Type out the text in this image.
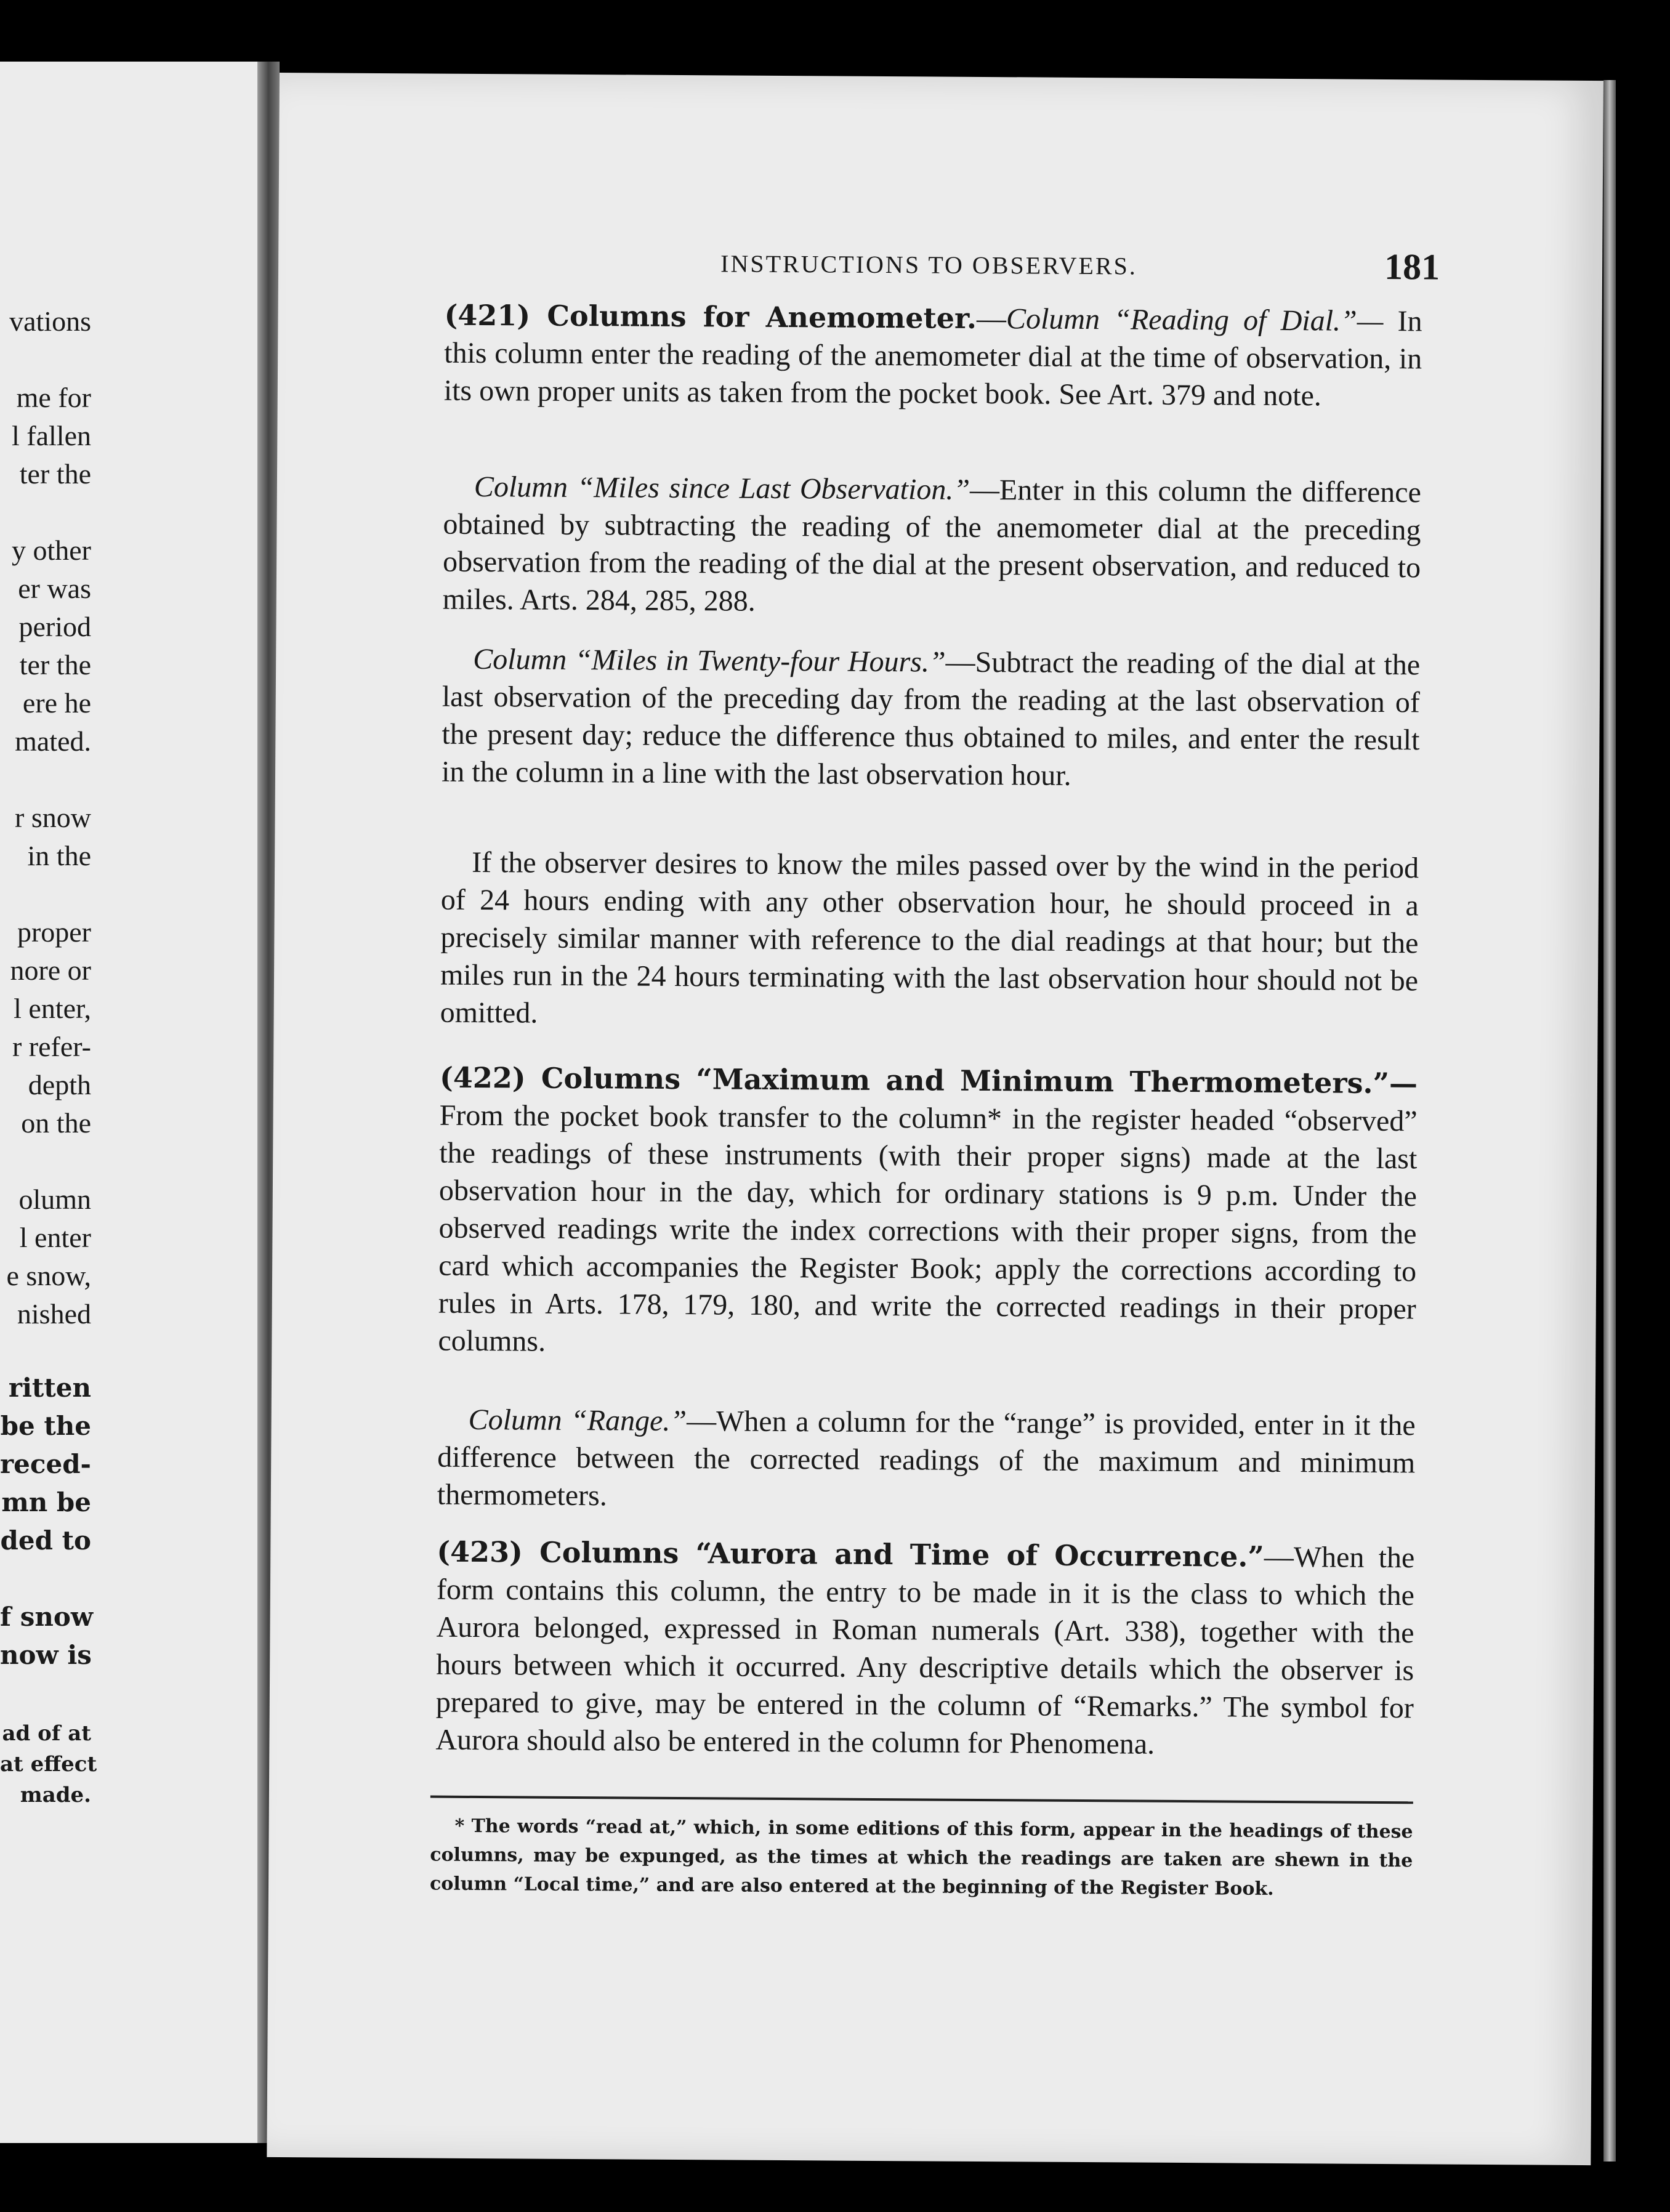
vations
me for
l fallen
ter the
y other
er was
period
ter the
ere he
mated.
r snow
in the
proper
nore or
l enter,
r refer-
depth
on the
olumn
l enter
e snow,
nished
ritten
be the
reced-
mn be
ded to
f snow
now is
ad of at
at effect
made.
INSTRUCTIONS TO OBSERVERS.	181
(421) Columns for Anemometer.—Column “Reading of Dial.”— In this column enter the reading of the anemometer dial at the time of observation, in its own proper units as taken from the pocket book. See Art. 379 and note.
Column “Miles since Last Observation.”—Enter in this column the difference obtained by subtracting the reading of the anemometer dial at the preceding observation from the reading of the dial at the present observation, and reduced to miles. Arts. 284, 285, 288.
Column “Miles in Twenty-four Hours.”—Subtract the reading of the dial at the last observation of the preceding day from the reading at the last observation of the present day; reduce the difference thus obtained to miles, and enter the result in the column in a line with the last observation hour.
If the observer desires to know the miles passed over by the wind in the period of 24 hours ending with any other observation hour, he should proceed in a precisely similar manner with reference to the dial readings at that hour; but the miles run in the 24 hours terminating with the last observation hour should not be omitted.
(422) Columns “Maximum and Minimum Thermometers.”— From the pocket book transfer to the column* in the register headed “observed” the readings of these instruments (with their proper signs) made at the last observation hour in the day, which for ordinary stations is 9 p.m. Under the observed readings write the index corrections with their proper signs, from the card which accompanies the Register Book; apply the corrections according to rules in Arts. 178, 179, 180, and write the corrected readings in their proper columns.
Column “Range.”—When a column for the “range” is provided, enter in it the difference between the corrected readings of the maximum and minimum thermometers.
(423) Columns “Aurora and Time of Occurrence.”—When the form contains this column, the entry to be made in it is the class to which the Aurora belonged, expressed in Roman numerals (Art. 338), together with the hours between which it occurred. Any descriptive details which the observer is prepared to give, may be entered in the column of “Remarks.” The symbol for Aurora should also be entered in the column for Phenomena.
* The words “read at,” which, in some editions of this form, appear in the headings of these columns, may be expunged, as the times at which the readings are taken are shewn in the column “Local time,” and are also entered at the beginning of the Register Book.
